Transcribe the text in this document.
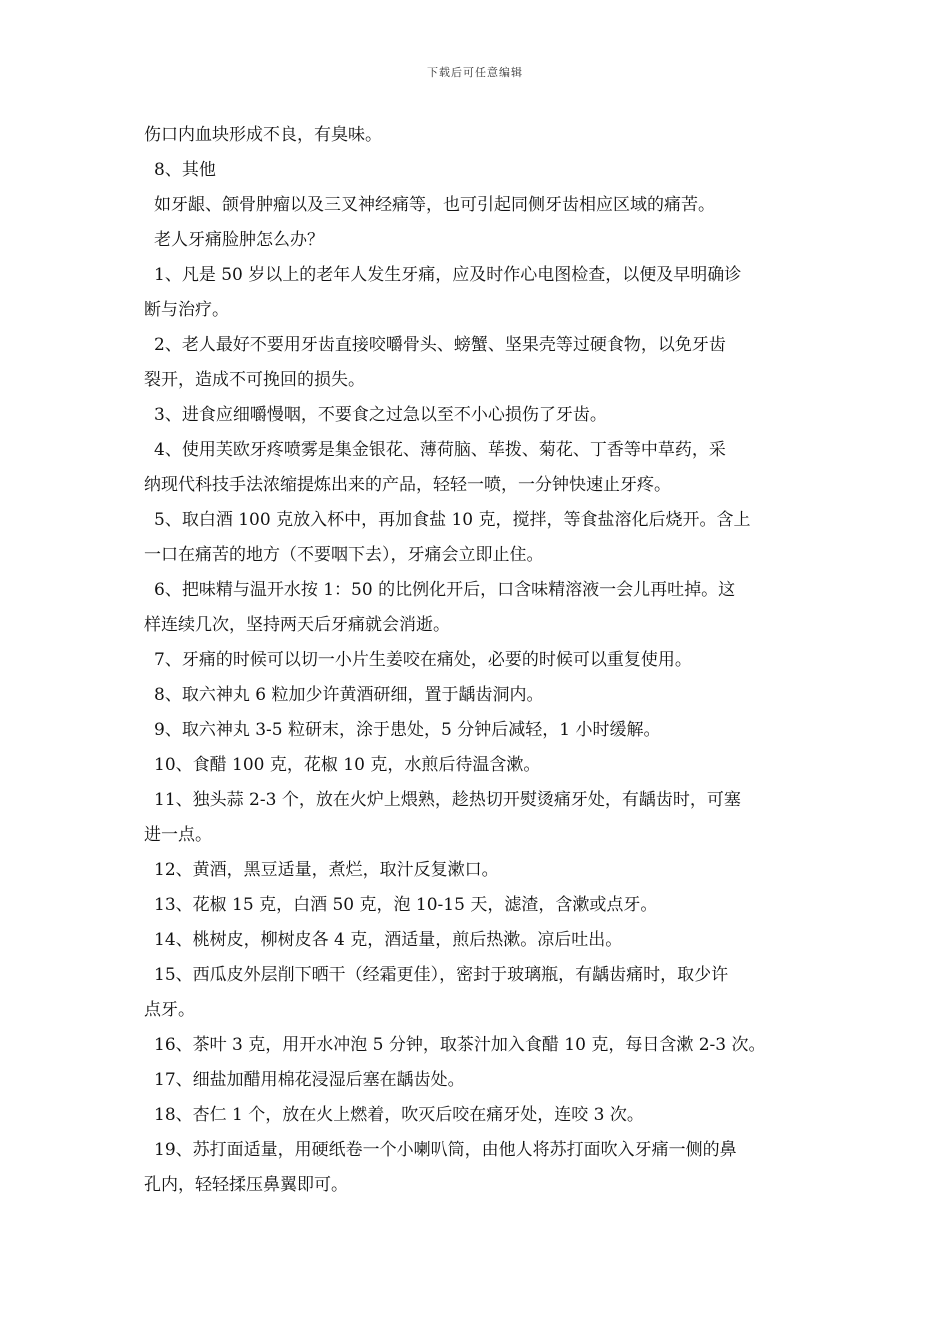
下载后可任意编辑
伤口内血块形成不良，有臭味。
8、其他
如牙龈、颌骨肿瘤以及三叉神经痛等，也可引起同侧牙齿相应区域的痛苦。
老人牙痛脸肿怎么办？
1、凡是 50 岁以上的老年人发生牙痛，应及时作心电图检查，以便及早明确诊
断与治疗。
2、老人最好不要用牙齿直接咬嚼骨头、螃蟹、坚果壳等过硬食物，以免牙齿
裂开，造成不可挽回的损失。
3、进食应细嚼慢咽，不要食之过急以至不小心损伤了牙齿。
4、使用芙欧牙疼喷雾是集金银花、薄荷脑、荜拨、菊花、丁香等中草药，采
纳现代科技手法浓缩提炼出来的产品，轻轻一喷，一分钟快速止牙疼。
5、取白酒 100 克放入杯中，再加食盐 10 克，搅拌，等食盐溶化后烧开。含上
一口在痛苦的地方（不要咽下去），牙痛会立即止住。
6、把味精与温开水按 1：50 的比例化开后，口含味精溶液一会儿再吐掉。这
样连续几次，坚持两天后牙痛就会消逝。
7、牙痛的时候可以切一小片生姜咬在痛处，必要的时候可以重复使用。
8、取六神丸 6 粒加少许黄酒研细，置于龋齿洞内。
9、取六神丸 3-5 粒研末，涂于患处，5 分钟后减轻，1 小时缓解。
10、食醋 100 克，花椒 10 克，水煎后待温含漱。
11、独头蒜 2-3 个，放在火炉上煨熟，趁热切开熨烫痛牙处，有龋齿时，可塞
进一点。
12、黄酒，黑豆适量，煮烂，取汁反复漱口。
13、花椒 15 克，白酒 50 克，泡 10-15 天，滤渣，含漱或点牙。
14、桃树皮，柳树皮各 4 克，酒适量，煎后热漱。凉后吐出。
15、西瓜皮外层削下晒干（经霜更佳），密封于玻璃瓶，有龋齿痛时，取少许
点牙。
16、茶叶 3 克，用开水冲泡 5 分钟，取茶汁加入食醋 10 克，每日含漱 2-3 次。
17、细盐加醋用棉花浸湿后塞在龋齿处。
18、杏仁 1 个，放在火上燃着，吹灭后咬在痛牙处，连咬 3 次。
19、苏打面适量，用硬纸卷一个小喇叭筒，由他人将苏打面吹入牙痛一侧的鼻
孔内，轻轻揉压鼻翼即可。
